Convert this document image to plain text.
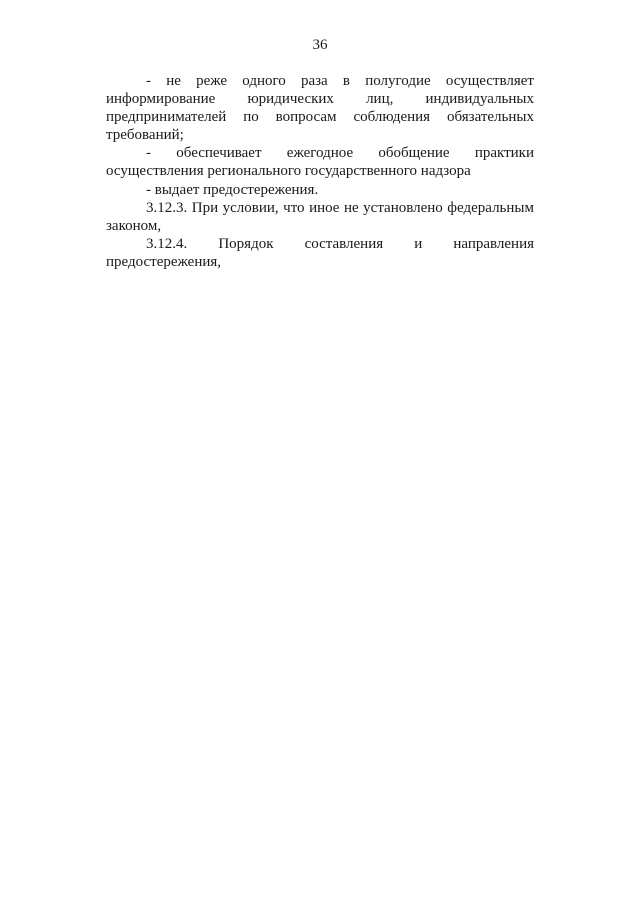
36

- не реже одного раза в полугодие осуществляет информирование юридических лиц, индивидуальных предпринимателей по вопросам соблюдения обязательных требований;

- обеспечивает ежегодное обобщение практики осуществления регионального государственного надзора

- выдает предостережения.

3.12.3. При условии, что иное не установлено федеральным законом,

3.12.4. Порядок составления и направления предостережения,
